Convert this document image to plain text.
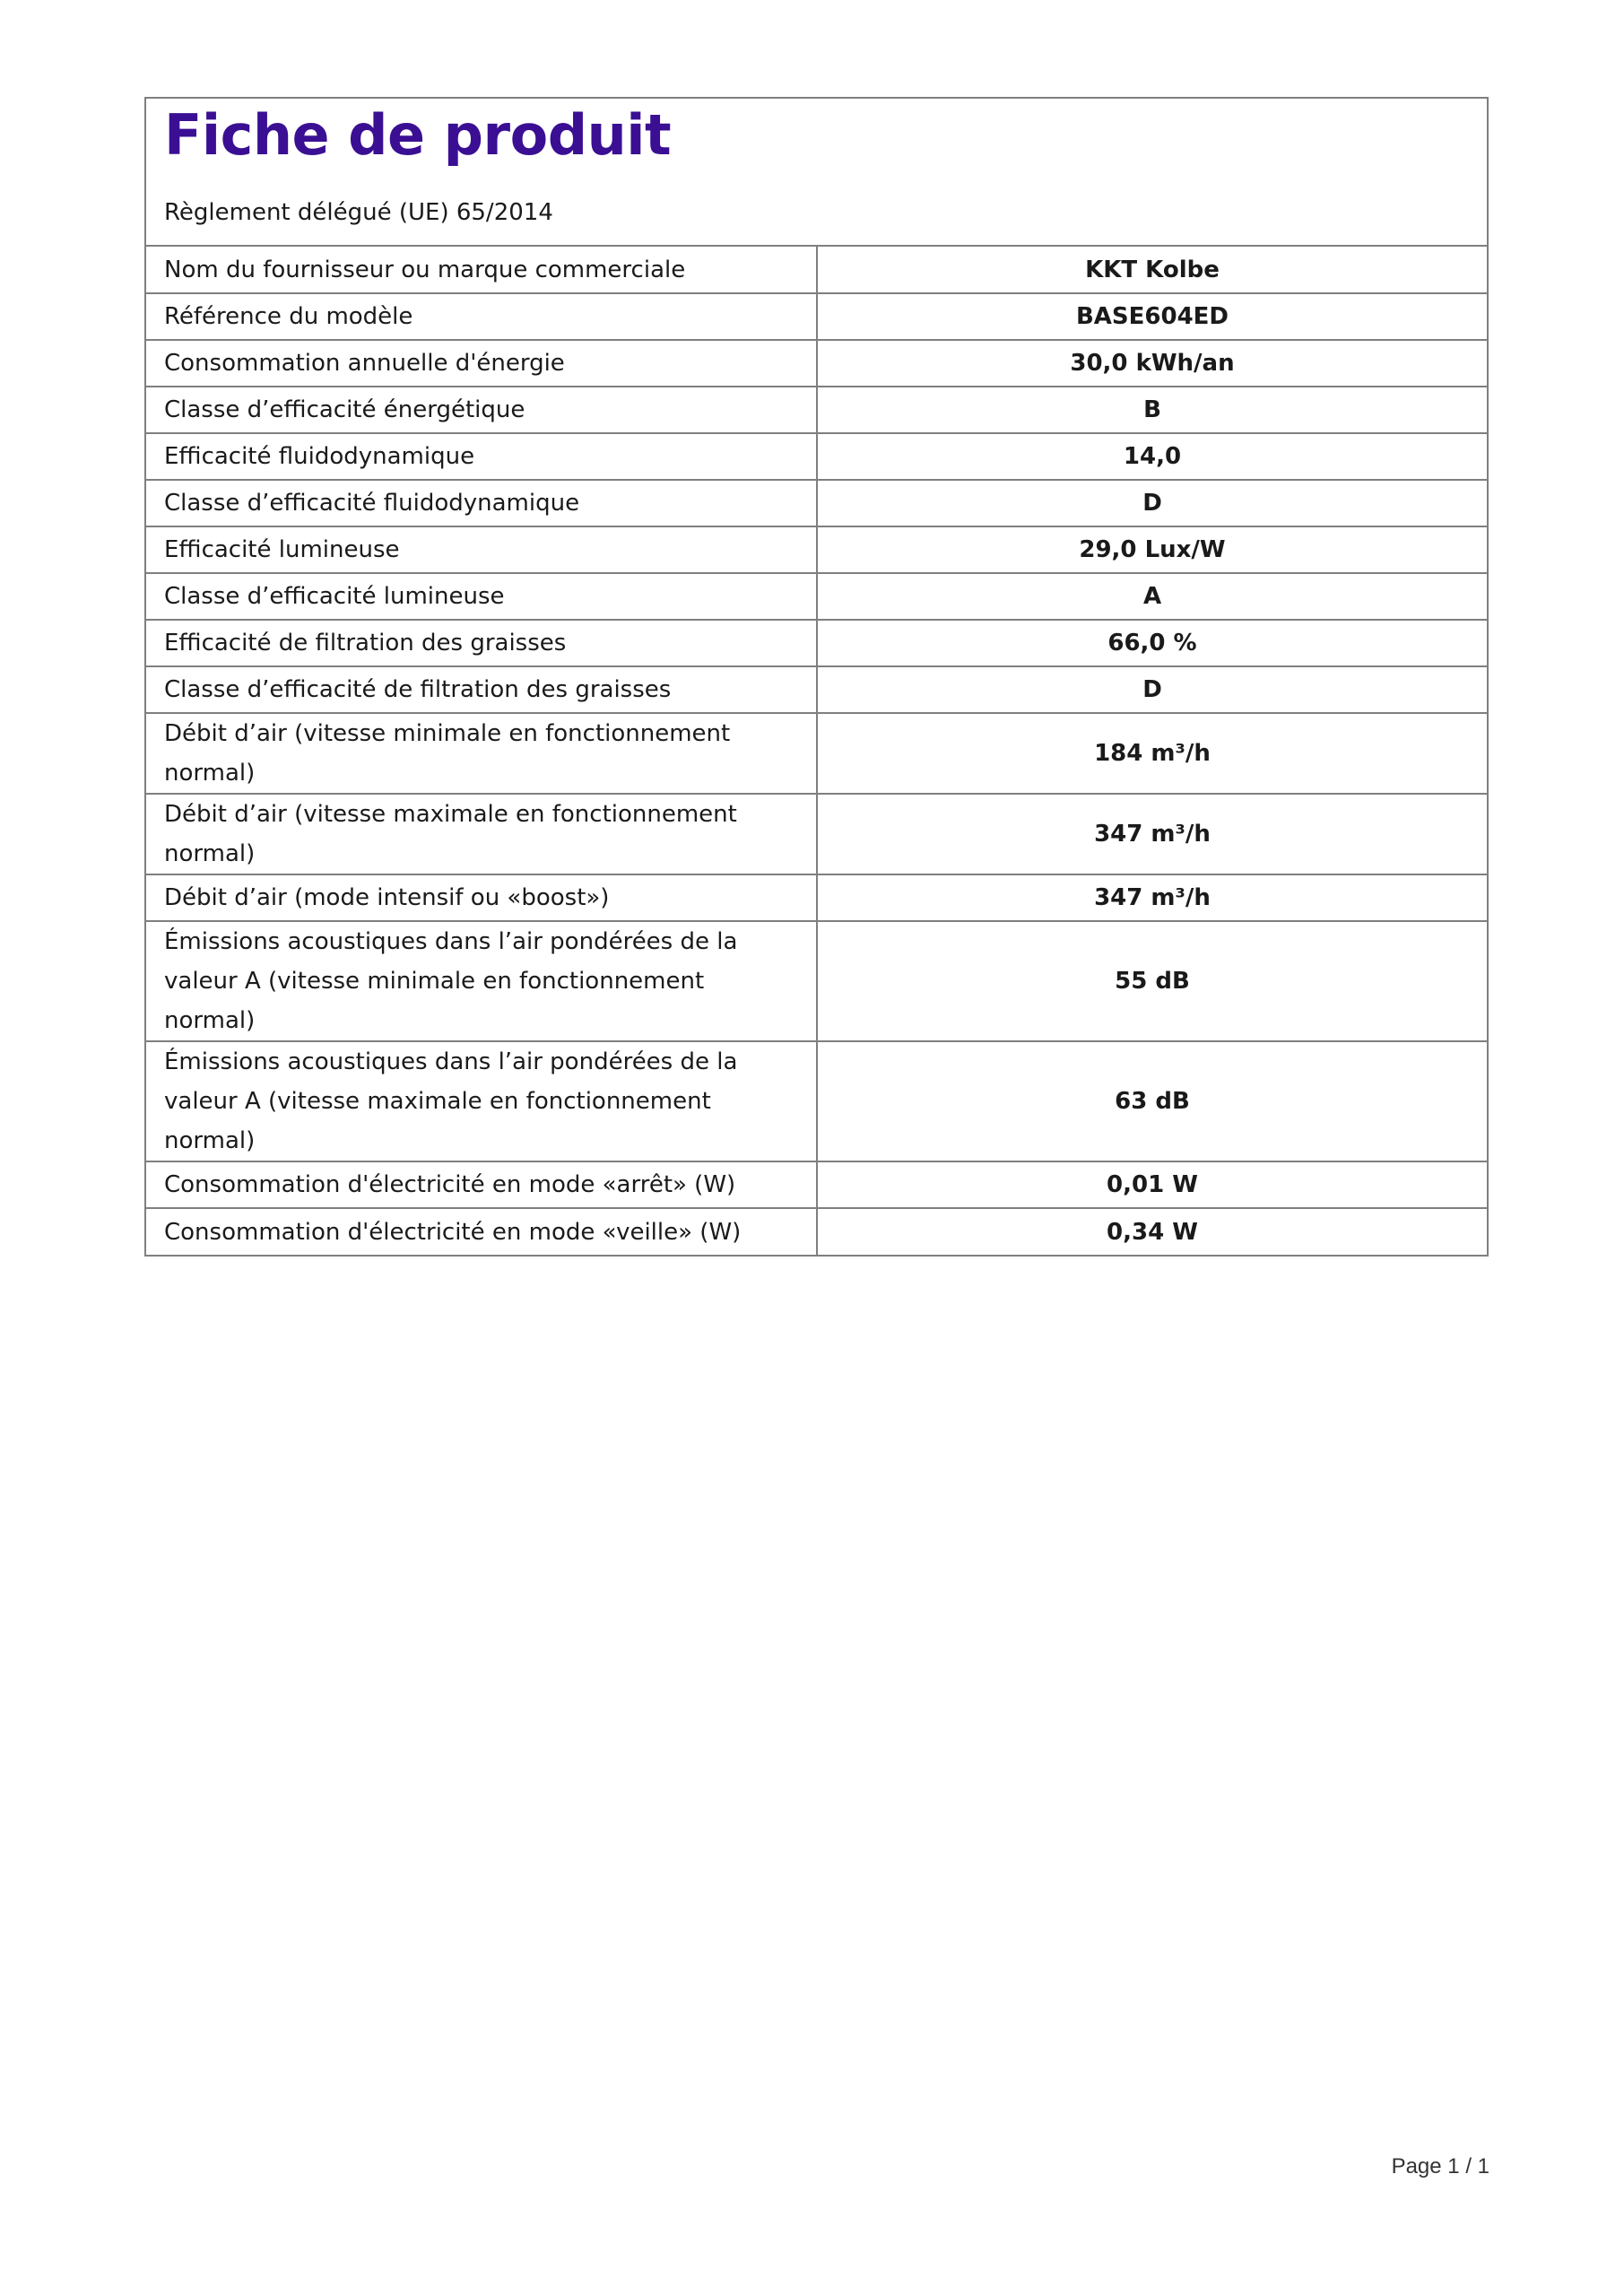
Fiche de produit

Règlement délégué (UE) 65/2014

Nom du fournisseur ou marque commerciale	KKT Kolbe
Référence du modèle	BASE604ED
Consommation annuelle d'énergie	30,0 kWh/an
Classe d’efficacité énergétique	B
Efficacité fluidodynamique	14,0
Classe d’efficacité fluidodynamique	D
Efficacité lumineuse	29,0 Lux/W
Classe d’efficacité lumineuse	A
Efficacité de filtration des graisses	66,0 %
Classe d’efficacité de filtration des graisses	D
Débit d’air (vitesse minimale en fonctionnement normal)	184 m³/h
Débit d’air (vitesse maximale en fonctionnement normal)	347 m³/h
Débit d’air (mode intensif ou «boost»)	347 m³/h
Émissions acoustiques dans l’air pondérées de la valeur A (vitesse minimale en fonctionnement normal)	55 dB
Émissions acoustiques dans l’air pondérées de la valeur A (vitesse maximale en fonctionnement normal)	63 dB
Consommation d'électricité en mode «arrêt» (W)	0,01 W
Consommation d'électricité en mode «veille» (W)	0,34 W
Page 1 / 1
